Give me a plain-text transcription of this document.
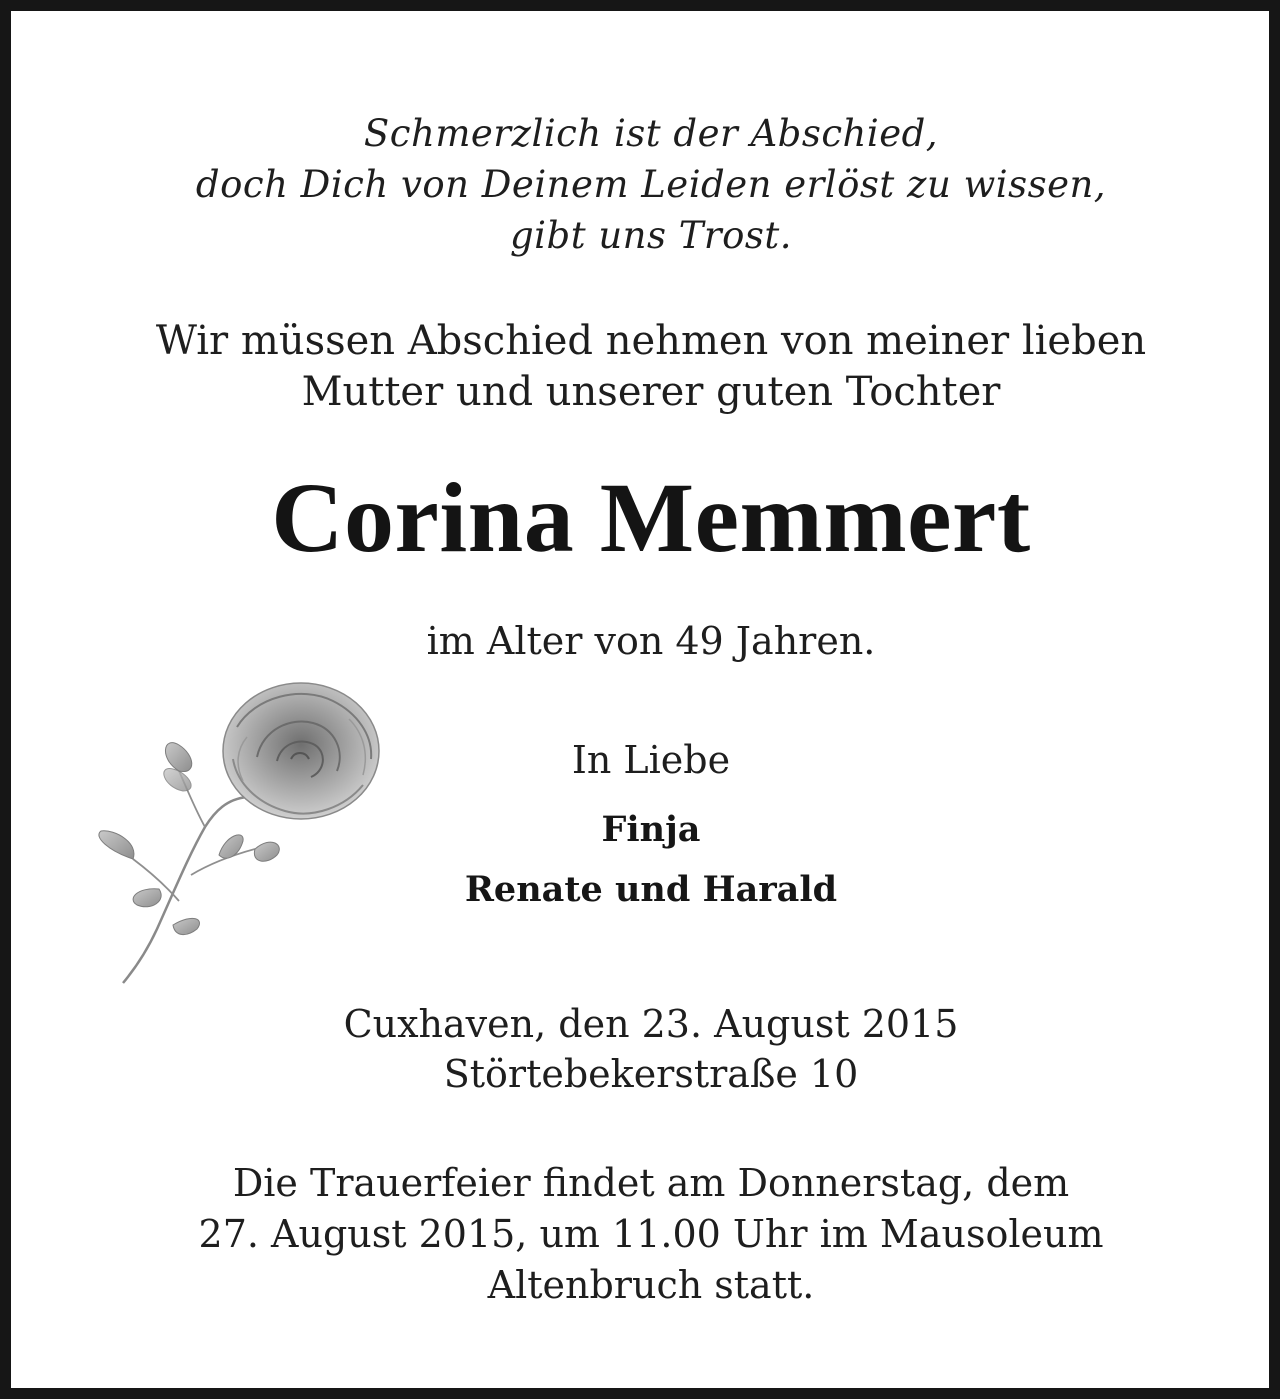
Schmerzlich ist der Abschied,
doch Dich von Deinem Leiden erlöst zu wissen,
gibt uns Trost.
Wir müssen Abschied nehmen von meiner lieben
Mutter und unserer guten Tochter
Corina Memmert
im Alter von 49 Jahren.
In Liebe
Finja
Renate und Harald
Cuxhaven, den 23. August 2015
Störtebekerstraße 10
Die Trauerfeier findet am Donnerstag, dem
27. August 2015, um 11.00 Uhr im Mausoleum
Altenbruch statt.
